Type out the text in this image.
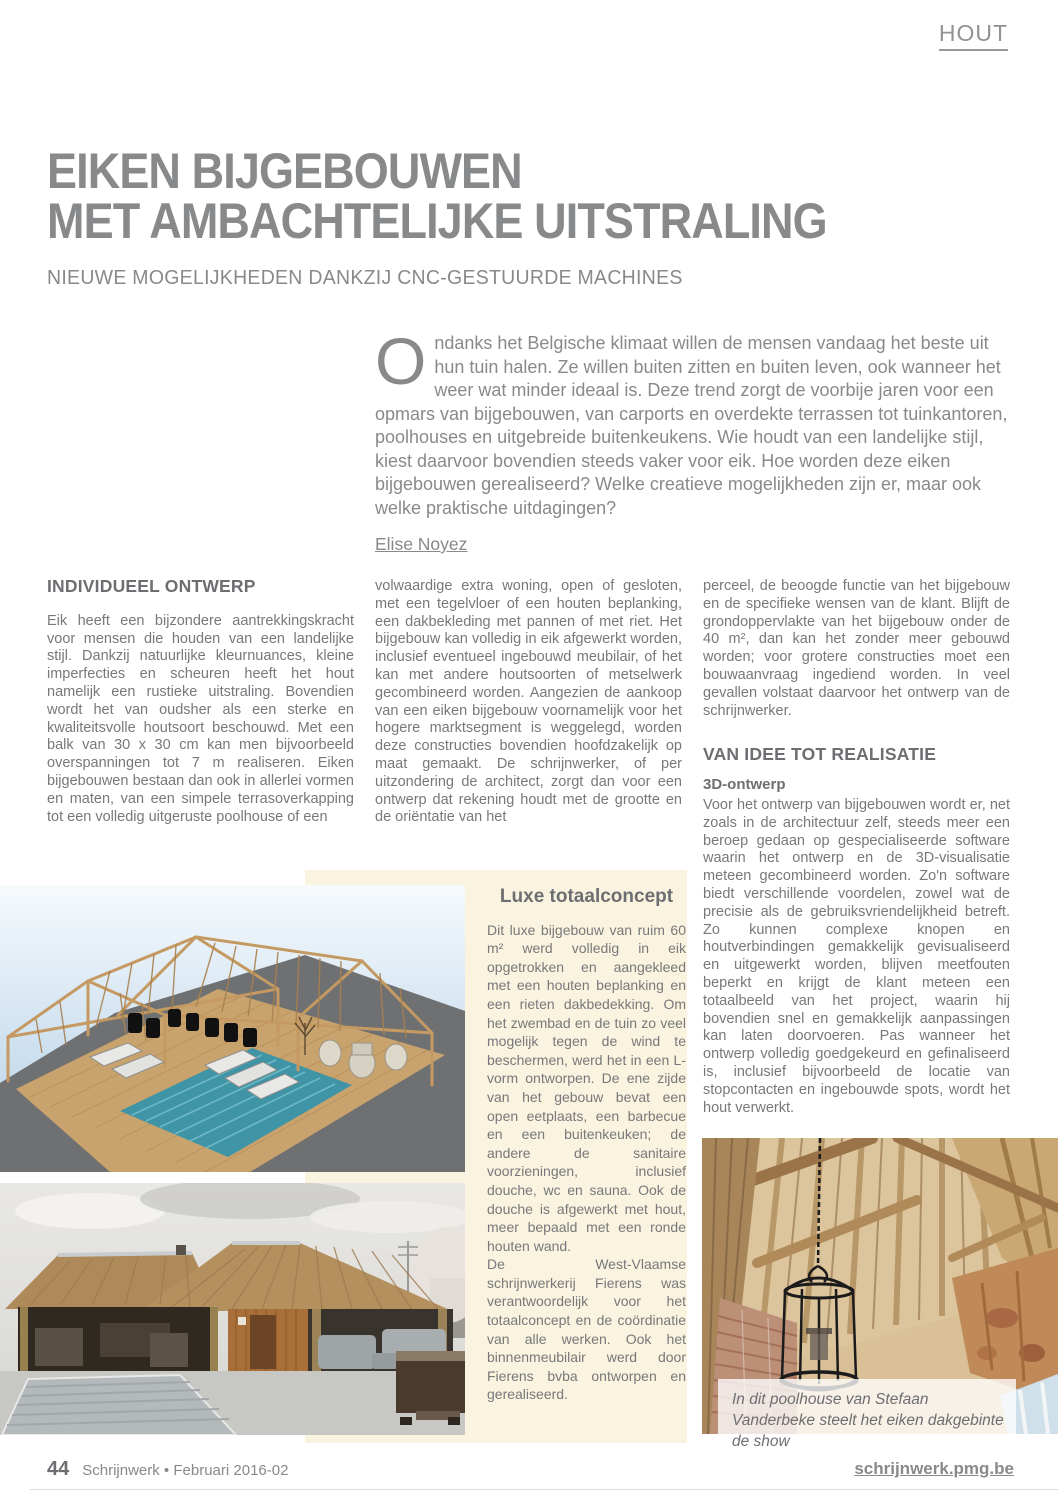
HOUT
EIKEN BIJGEBOUWEN
MET AMBACHTELIJKE UITSTRALING
NIEUWE MOGELIJKHEDEN DANKZIJ CNC-GESTUURDE MACHINES
Ondanks het Belgische klimaat willen de mensen vandaag het beste uit hun tuin halen. Ze willen buiten zitten en buiten leven, ook wanneer het weer wat minder ideaal is. Deze trend zorgt de voorbije jaren voor een opmars van bijgebouwen, van carports en overdekte terrassen tot tuinkantoren, poolhouses en uitgebreide buitenkeukens. Wie houdt van een landelijke stijl, kiest daarvoor bovendien steeds vaker voor eik. Hoe worden deze eiken bijgebouwen gerealiseerd? Welke creatieve mogelijkheden zijn er, maar ook welke praktische uitdagingen?
Elise Noyez
INDIVIDUEEL ONTWERP

Eik heeft een bijzondere aantrekkingskracht voor mensen die houden van een landelijke stijl. Dankzij natuurlijke kleurnuances, kleine imperfecties en scheuren heeft het hout namelijk een rustieke uitstraling. Bovendien wordt het van oudsher als een sterke en kwaliteitsvolle houtsoort beschouwd. Met een balk van 30 x 30 cm kan men bijvoorbeeld overspanningen tot 7 m realiseren. Eiken bijgebouwen bestaan dan ook in allerlei vormen en maten, van een simpele terrasoverkapping tot een volledig uitgeruste poolhouse of een

volwaardige extra woning, open of gesloten, met een tegelvloer of een houten beplanking, een dakbekleding met pannen of met riet. Het bijgebouw kan volledig in eik afgewerkt worden, inclusief eventueel ingebouwd meubilair, of het kan met andere houtsoorten of metselwerk gecombineerd worden. Aangezien de aankoop van een eiken bijgebouw voornamelijk voor het hogere marktsegment is weggelegd, worden deze constructies bovendien hoofdzakelijk op maat gemaakt. De schrijnwerker, of per uitzondering de architect, zorgt dan voor een ontwerp dat rekening houdt met de grootte en de oriëntatie van het

perceel, de beoogde functie van het bijgebouw en de specifieke wensen van de klant. Blijft de grondoppervlakte van het bijgebouw onder de 40 m², dan kan het zonder meer gebouwd worden; voor grotere constructies moet een bouwaanvraag ingediend worden. In veel gevallen volstaat daarvoor het ontwerp van de schrijnwerker.

VAN IDEE TOT REALISATIE
3D-ontwerp

Voor het ontwerp van bijgebouwen wordt er, net zoals in de architectuur zelf, steeds meer een beroep gedaan op gespecialiseerde software waarin het ontwerp en de 3D-visualisatie meteen gecombineerd worden. Zo'n software biedt verschillende voordelen, zowel wat de precisie als de gebruiksvriendelijkheid betreft. Zo kunnen complexe knopen en houtverbindingen gemakkelijk gevisualiseerd en uitgewerkt worden, blijven meetfouten beperkt en krijgt de klant meteen een totaalbeeld van het project, waarin hij bovendien snel en gemakkelijk aanpassingen kan laten doorvoeren. Pas wanneer het ontwerp volledig goedgekeurd en gefinaliseerd is, inclusief bijvoorbeeld de locatie van stopcontacten en ingebouwde spots, wordt het hout verwerkt.

In dit poolhouse van Stefaan Vanderbeke steelt het eiken dakgebinte de show
Luxe totaalconcept

Dit luxe bijgebouw van ruim 60 m² werd volledig in eik opgetrokken en aangekleed met een houten beplanking en een rieten dakbedekking. Om het zwembad en de tuin zo veel mogelijk tegen de wind te beschermen, werd het in een L-vorm ontworpen. De ene zijde van het gebouw bevat een open eetplaats, een barbecue en een buitenkeuken; de andere de sanitaire voorzieningen, inclusief douche, wc en sauna. Ook de douche is afgewerkt met hout, meer bepaald met een ronde houten wand.

De West-Vlaamse schrijnwerkerij Fierens was verantwoordelijk voor het totaalconcept en de coördinatie van alle werken. Ook het binnenmeubilair werd door Fierens bvba ontworpen en gerealiseerd.

44 Schrijnwerk • Februari 2016-02	schrijnwerk.pmg.be
